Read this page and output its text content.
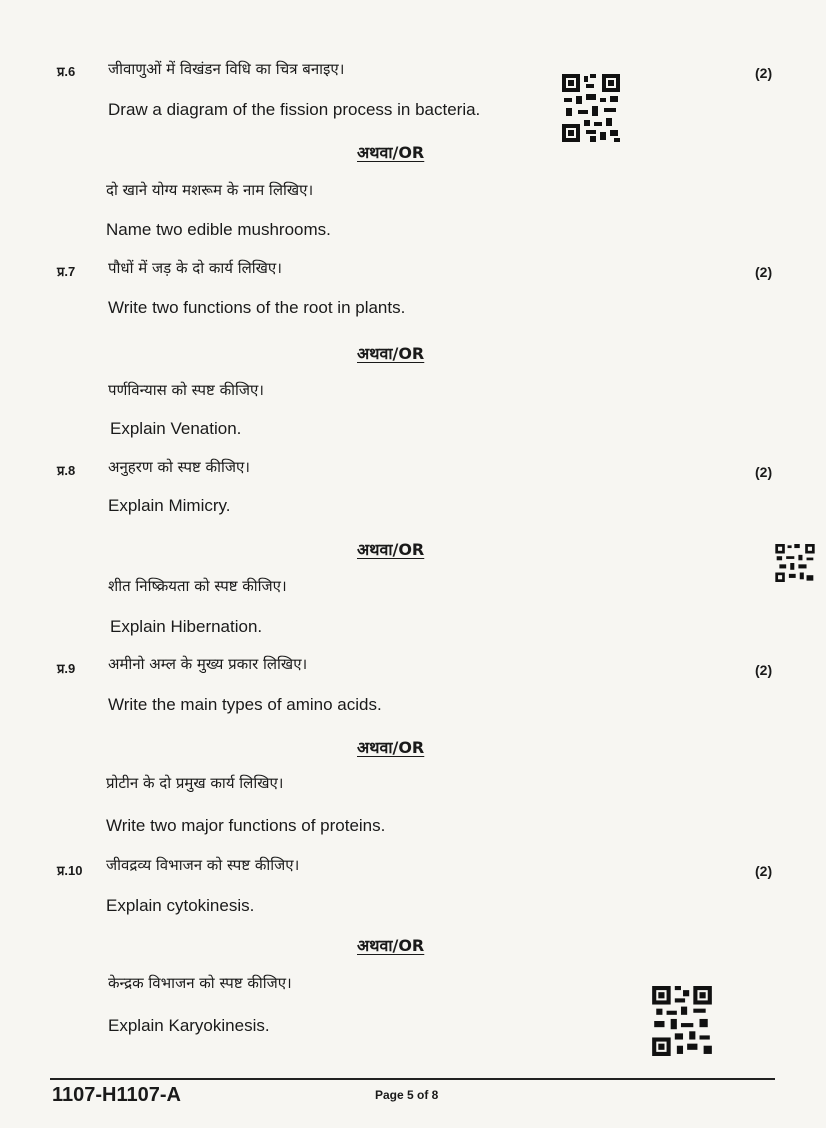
प्र.6 जीवाणुओं में विखंडन विधि का चित्र बनाइए।	(2)
Draw a diagram of the fission process in bacteria.
अथवा/OR
दो खाने योग्य मशरूम के नाम लिखिए।
Name two edible mushrooms.
प्र.7 पौधों में जड़ के दो कार्य लिखिए।	(2)
Write two functions of the root in plants.
अथवा/OR
पर्णविन्यास को स्पष्ट कीजिए।
Explain Venation.
प्र.8 अनुहरण को स्पष्ट कीजिए।	(2)
Explain Mimicry.
अथवा/OR
शीत निष्क्रियता को स्पष्ट कीजिए।
Explain Hibernation.
प्र.9 अमीनो अम्ल के मुख्य प्रकार लिखिए।	(2)
Write the main types of amino acids.
अथवा/OR
प्रोटीन के दो प्रमुख कार्य लिखिए।
Write two major functions of proteins.
प्र.10 जीवद्रव्य विभाजन को स्पष्ट कीजिए।	(2)
Explain cytokinesis.
अथवा/OR
केन्द्रक विभाजन को स्पष्ट कीजिए।
Explain Karyokinesis.
1107-H1107-A	Page 5 of 8
